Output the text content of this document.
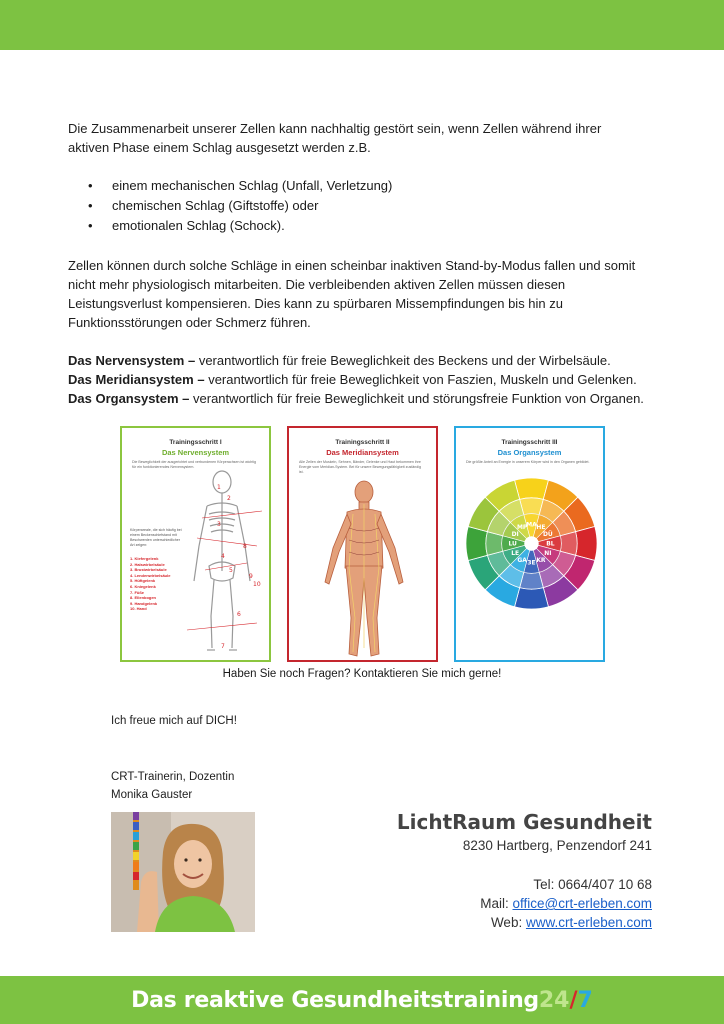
Die Zusammenarbeit unserer Zellen kann nachhaltig gestört sein, wenn Zellen während ihrer
aktiven Phase einem Schlag ausgesetzt werden z.B.
• einem mechanischen Schlag (Unfall, Verletzung)
• chemischen Schlag (Giftstoffe) oder
• emotionalen Schlag (Schock).
Zellen können durch solche Schläge in einen scheinbar inaktiven Stand-by-Modus fallen und somit
nicht mehr physiologisch mitarbeiten. Die verbleibenden aktiven Zellen müssen diesen
Leistungsverlust kompensieren. Dies kann zu spürbaren Missempfindungen bis hin zu
Funktionsstörungen oder Schmerz führen.
Das Nervensystem – verantwortlich für freie Beweglichkeit des Beckens und der Wirbelsäule.
Das Meridiansystem – verantwortlich für freie Beweglichkeit von Faszien, Muskeln und Gelenken.
Das Organsystem – verantwortlich für freie Beweglichkeit und störungsfreie Funktion von Organen.
Trainingsschritt I
Das Nervensystem
Die Beweglichkeit der ausgerichtet und verbundenen Körperachsen ist wichtig für ein funktionierendes Nervensystem.
Körperareale, die sich häufig bei einem Beckenschiefstand mit Beschwerden unterschiedlicher Art zeigen:
1. Kiefergelenk
2. Halswirbelsäule
3. Brustwirbelsäule
4. Lendenwirbelsäule
5. Hüftgelenk
6. Kniegelenk
7. Füße
8. Ellenbogen
9. Handgelenk
10. Hand
1
2
3
4
5
6
7
8
9
10
Trainingsschritt II
Das Meridiansystem
Alle Zellen der Muskeln, Sehnen, Bänder, Gelenke und Haut bekommen ihre Energie vom Meridian-System. Bei für unsere Bewegungsfähigkeit zuständig ist.
Trainingsschritt III
Das Organsystem
Die größte Anteil an Energie in unserem Körper wird in den Organen gebildet.
MA HE
DÜ
BL
NI
KR
3E
GA
LE
LU
DI
MP
Haben Sie noch Fragen? Kontaktieren Sie mich gerne!
Ich freue mich auf DICH!
CRT-Trainerin, Dozentin
Monika Gauster
LichtRaum Gesundheit
8230 Hartberg, Penzendorf 241
Tel: 0664/407 10 68
Mail: office@crt-erleben.com
Web: www.crt-erleben.com
Das reaktive Gesundheitstraining 24 / 7
